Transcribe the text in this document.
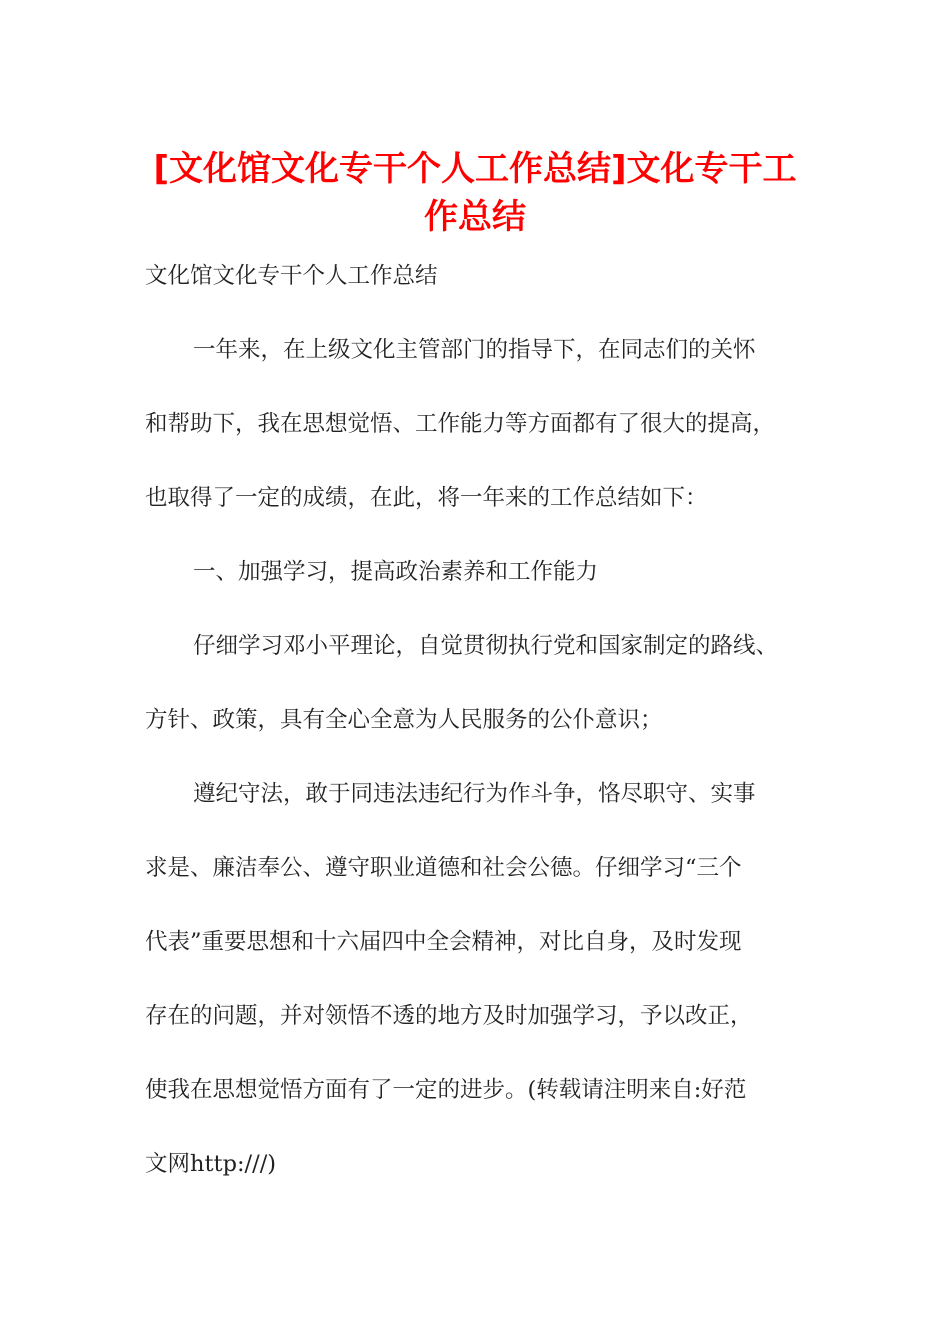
[文化馆文化专干个人工作总结]文化专干工
作总结
文化馆文化专干个人工作总结
一年来，在上级文化主管部门的指导下，在同志们的关怀
和帮助下，我在思想觉悟、工作能力等方面都有了很大的提高，
也取得了一定的成绩，在此，将一年来的工作总结如下：
一、加强学习，提高政治素养和工作能力
仔细学习邓小平理论，自觉贯彻执行党和国家制定的路线、
方针、政策，具有全心全意为人民服务的公仆意识；
遵纪守法，敢于同违法违纪行为作斗争，恪尽职守、实事
求是、廉洁奉公、遵守职业道德和社会公德。仔细学习“三个
代表”重要思想和十六届四中全会精神，对比自身，及时发现
存在的问题，并对领悟不透的地方及时加强学习，予以改正，
使我在思想觉悟方面有了一定的进步。(转载请注明来自:好范
文网http:///)
